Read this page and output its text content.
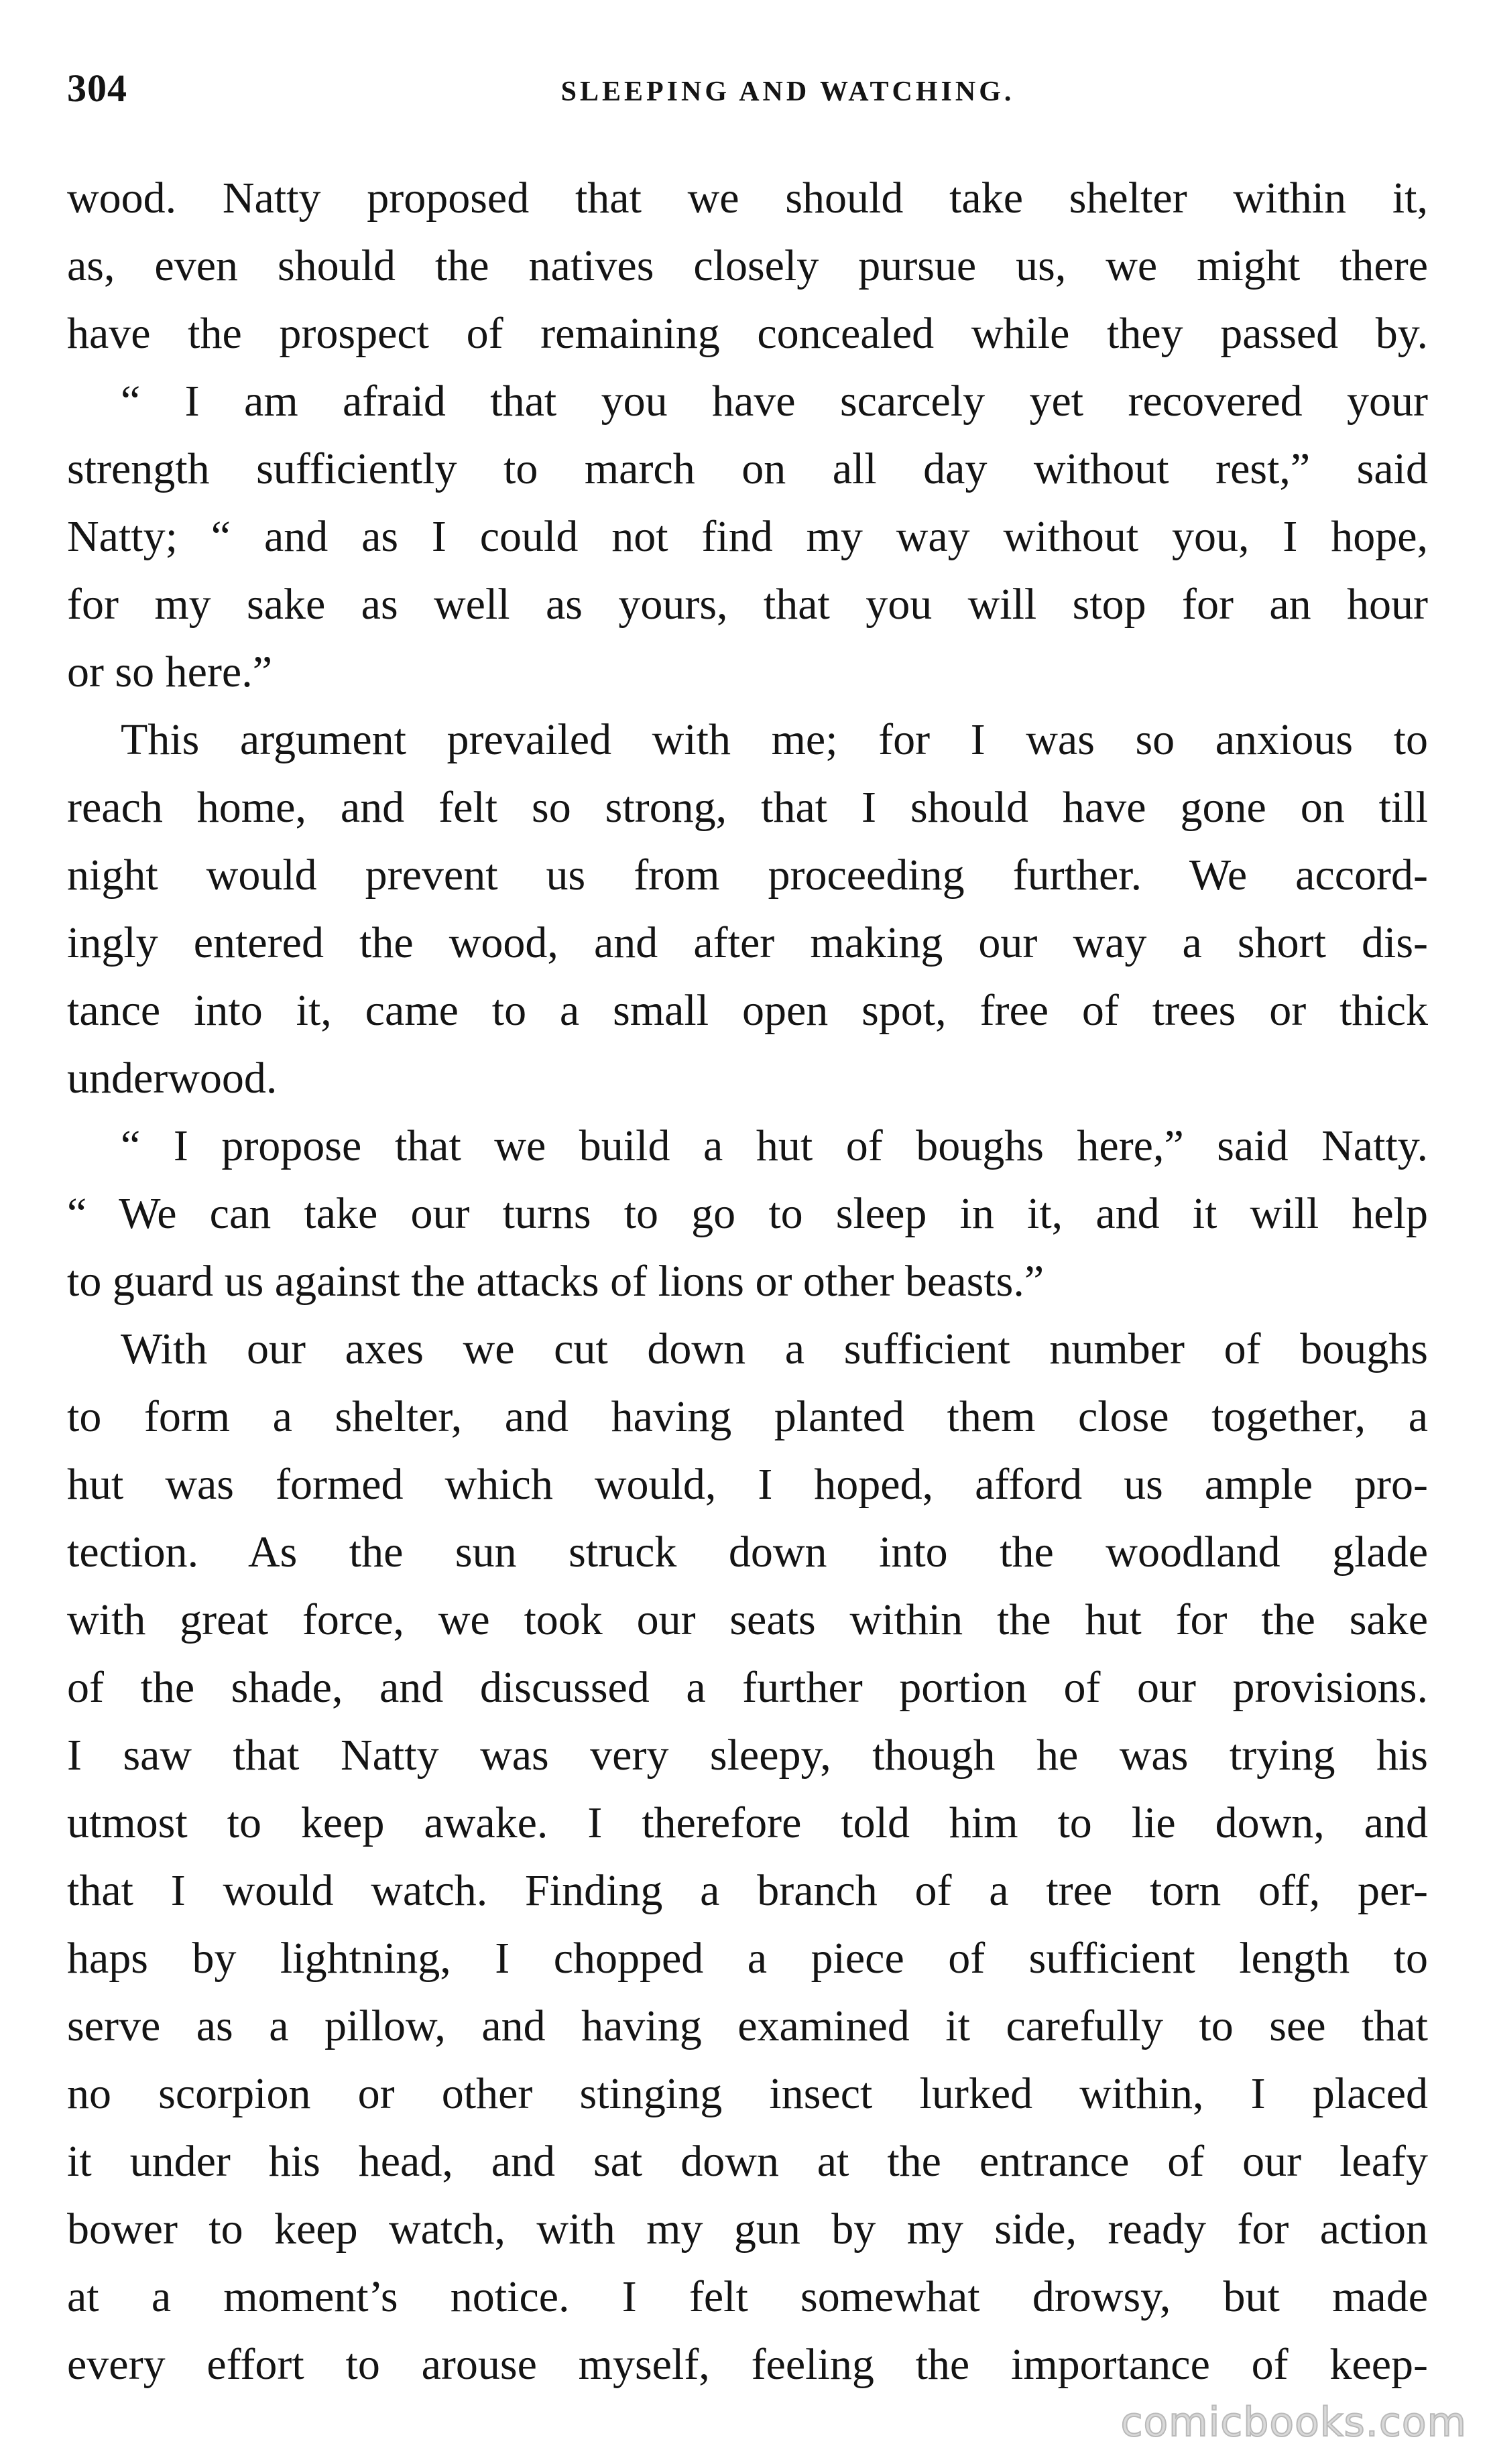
304	SLEEPING AND WATCHING.
wood. Natty proposed that we should take shelter within it,
as, even should the natives closely pursue us, we might there
have the prospect of remaining concealed while they passed by.
“ I am afraid that you have scarcely yet recovered your
strength sufficiently to march on all day without rest,” said
Natty; “ and as I could not find my way without you, I hope,
for my sake as well as yours, that you will stop for an hour
or so here.”
This argument prevailed with me; for I was so anxious to
reach home, and felt so strong, that I should have gone on till
night would prevent us from proceeding further. We accord-
ingly entered the wood, and after making our way a short dis-
tance into it, came to a small open spot, free of trees or thick
underwood.
“ I propose that we build a hut of boughs here,” said Natty.
“ We can take our turns to go to sleep in it, and it will help
to guard us against the attacks of lions or other beasts.”
With our axes we cut down a sufficient number of boughs
to form a shelter, and having planted them close together, a
hut was formed which would, I hoped, afford us ample pro-
tection. As the sun struck down into the woodland glade
with great force, we took our seats within the hut for the sake
of the shade, and discussed a further portion of our provisions.
I saw that Natty was very sleepy, though he was trying his
utmost to keep awake. I therefore told him to lie down, and
that I would watch. Finding a branch of a tree torn off, per-
haps by lightning, I chopped a piece of sufficient length to
serve as a pillow, and having examined it carefully to see that
no scorpion or other stinging insect lurked within, I placed
it under his head, and sat down at the entrance of our leafy
bower to keep watch, with my gun by my side, ready for action
at a moment’s notice. I felt somewhat drowsy, but made
every effort to arouse myself, feeling the importance of keep-
comicbooks.com
